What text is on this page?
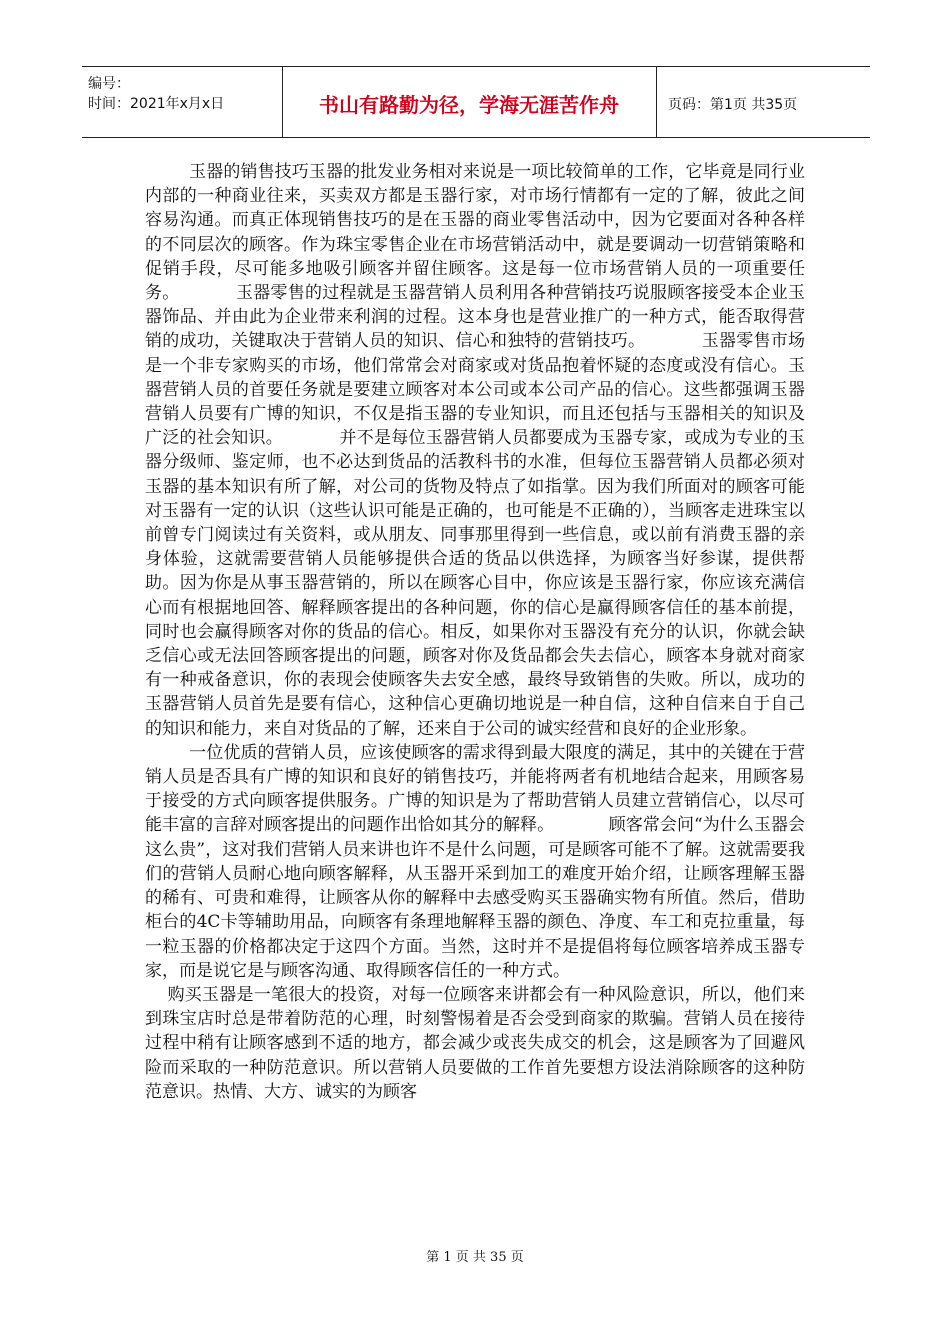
编号：
时间：2021年x月x日	书山有路勤为径，学海无涯苦作舟	页码：第1页 共35页

玉器的销售技巧玉器的批发业务相对来说是一项比较简单的工作，它毕竟是同行业内部的一种商业往来，买卖双方都是玉器行家，对市场行情都有一定的了解，彼此之间容易沟通。而真正体现销售技巧的是在玉器的商业零售活动中，因为它要面对各种各样的不同层次的顾客。作为珠宝零售企业在市场营销活动中，就是要调动一切营销策略和促销手段，尽可能多地吸引顾客并留住顾客。这是每一位市场营销人员的一项重要任务。          玉器零售的过程就是玉器营销人员利用各种营销技巧说服顾客接受本企业玉器饰品、并由此为企业带来利润的过程。这本身也是营业推广的一种方式，能否取得营销的成功，关键取决于营销人员的知识、信心和独特的营销技巧。          玉器零售市场是一个非专家购买的市场，他们常常会对商家或对货品抱着怀疑的态度或没有信心。玉器营销人员的首要任务就是要建立顾客对本公司或本公司产品的信心。这些都强调玉器营销人员要有广博的知识，不仅是指玉器的专业知识，而且还包括与玉器相关的知识及广泛的社会知识。          并不是每位玉器营销人员都要成为玉器专家，或成为专业的玉器分级师、鉴定师，也不必达到货品的活教科书的水准，但每位玉器营销人员都必须对玉器的基本知识有所了解，对公司的货物及特点了如指掌。因为我们所面对的顾客可能对玉器有一定的认识（这些认识可能是正确的，也可能是不正确的），当顾客走进珠宝以前曾专门阅读过有关资料，或从朋友、同事那里得到一些信息，或以前有消费玉器的亲身体验，这就需要营销人员能够提供合适的货品以供选择，为顾客当好参谋，提供帮助。因为你是从事玉器营销的，所以在顾客心目中，你应该是玉器行家，你应该充满信心而有根据地回答、解释顾客提出的各种问题，你的信心是赢得顾客信任的基本前提，同时也会赢得顾客对你的货品的信心。相反，如果你对玉器没有充分的认识，你就会缺乏信心或无法回答顾客提出的问题，顾客对你及货品都会失去信心，顾客本身就对商家有一种戒备意识，你的表现会使顾客失去安全感，最终导致销售的失败。所以，成功的玉器营销人员首先是要有信心，这种信心更确切地说是一种自信，这种自信来自于自己的知识和能力，来自对货品的了解，还来自于公司的诚实经营和良好的企业形象。

一位优质的营销人员，应该使顾客的需求得到最大限度的满足，其中的关键在于营销人员是否具有广博的知识和良好的销售技巧，并能将两者有机地结合起来，用顾客易于接受的方式向顾客提供服务。广博的知识是为了帮助营销人员建立营销信心，以尽可能丰富的言辞对顾客提出的问题作出恰如其分的解释。          顾客常会问“为什么玉器会这么贵”，这对我们营销人员来讲也许不是什么问题，可是顾客可能不了解。这就需要我们的营销人员耐心地向顾客解释，从玉器开采到加工的难度开始介绍，让顾客理解玉器的稀有、可贵和难得，让顾客从你的解释中去感受购买玉器确实物有所值。然后，借助柜台的4C卡等辅助用品，向顾客有条理地解释玉器的颜色、净度、车工和克拉重量，每一粒玉器的价格都决定于这四个方面。当然，这时并不是提倡将每位顾客培养成玉器专家，而是说它是与顾客沟通、取得顾客信任的一种方式。

购买玉器是一笔很大的投资，对每一位顾客来讲都会有一种风险意识，所以，他们来到珠宝店时总是带着防范的心理，时刻警惕着是否会受到商家的欺骗。营销人员在接待过程中稍有让顾客感到不适的地方，都会减少或丧失成交的机会，这是顾客为了回避风险而采取的一种防范意识。所以营销人员要做的工作首先要想方设法消除顾客的这种防范意识。热情、大方、诚实的为顾客

第 1 页 共 35 页
